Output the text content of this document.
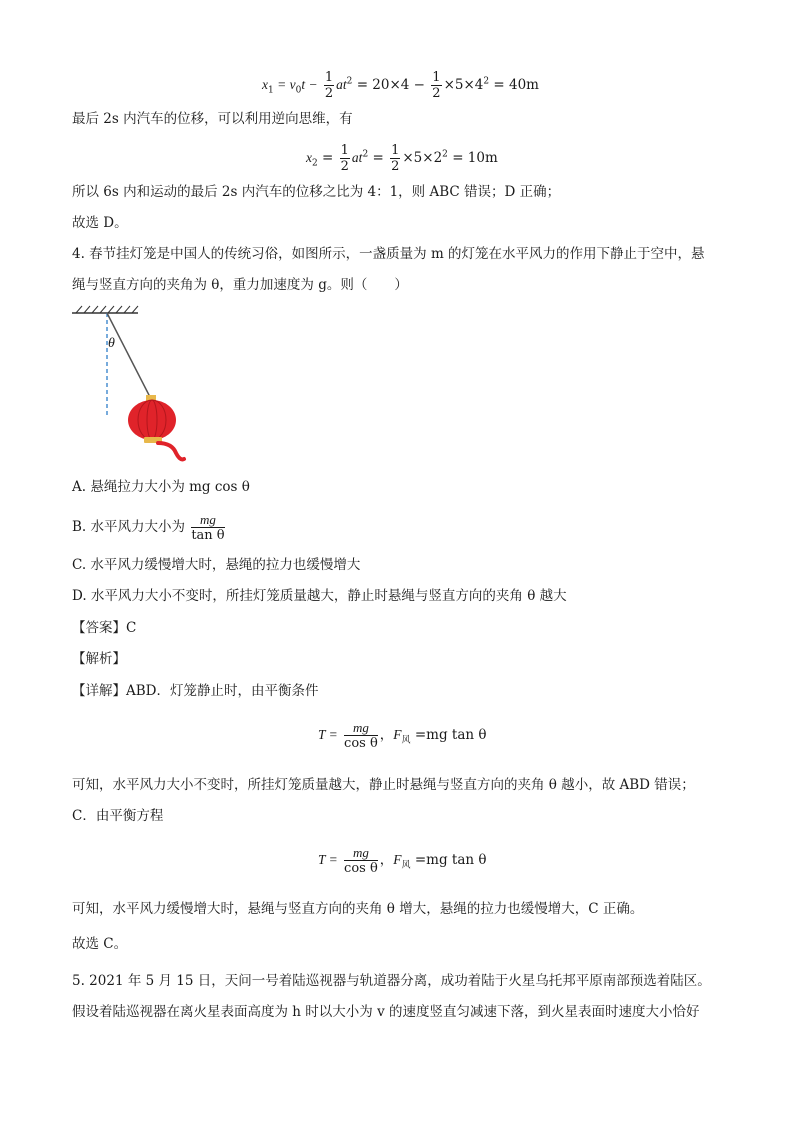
$x_1 = v_0t - \frac{1}{2} at^2 = 20\times 4 - \frac{1}{2} \times 5\times 4^2 = 40m$
最后 2s 内汽车的位移，可以利用逆向思维，有
$x_2 = \frac{1}{2} at^2 = \frac{1}{2} \times 5\times 2^2 = 10m$
所以 6s 内和运动的最后 2s 内汽车的位移之比为 4：1，则 ABC 错误；D 正确；
故选 D。
4. 春节挂灯笼是中国人的传统习俗，如图所示，一盏质量为 m 的灯笼在水平风力的作用下静止于空中，悬
绳与竖直方向的夹角为 θ，重力加速度为 g。则（　　）
θ
A. 悬绳拉力大小为 mg cos θ
B. 水平风力大小为 $\frac{mg}{\text{tan θ}}$
C. 水平风力缓慢增大时，悬绳的拉力也缓慢增大
D. 水平风力大小不变时，所挂灯笼质量越大，静止时悬绳与竖直方向的夹角 θ 越大
【答案】C
【解析】
【详解】ABD．灯笼静止时，由平衡条件
$T = \frac{mg}{\text{cos θ}}$ ，$F_风 =mg$ tan θ
可知，水平风力大小不变时，所挂灯笼质量越大，静止时悬绳与竖直方向的夹角 θ 越小，故 ABD 错误；
C．由平衡方程
$T = \frac{mg}{\text{cos θ}}$ ，$F_风 =mg$ tan θ
可知，水平风力缓慢增大时，悬绳与竖直方向的夹角 θ 增大，悬绳的拉力也缓慢增大，C 正确。
故选 C。
5. 2021 年 5 月 15 日，天问一号着陆巡视器与轨道器分离，成功着陆于火星乌托邦平原南部预选着陆区。
假设着陆巡视器在离火星表面高度为 h 时以大小为 v 的速度竖直匀减速下落，到火星表面时速度大小恰好
